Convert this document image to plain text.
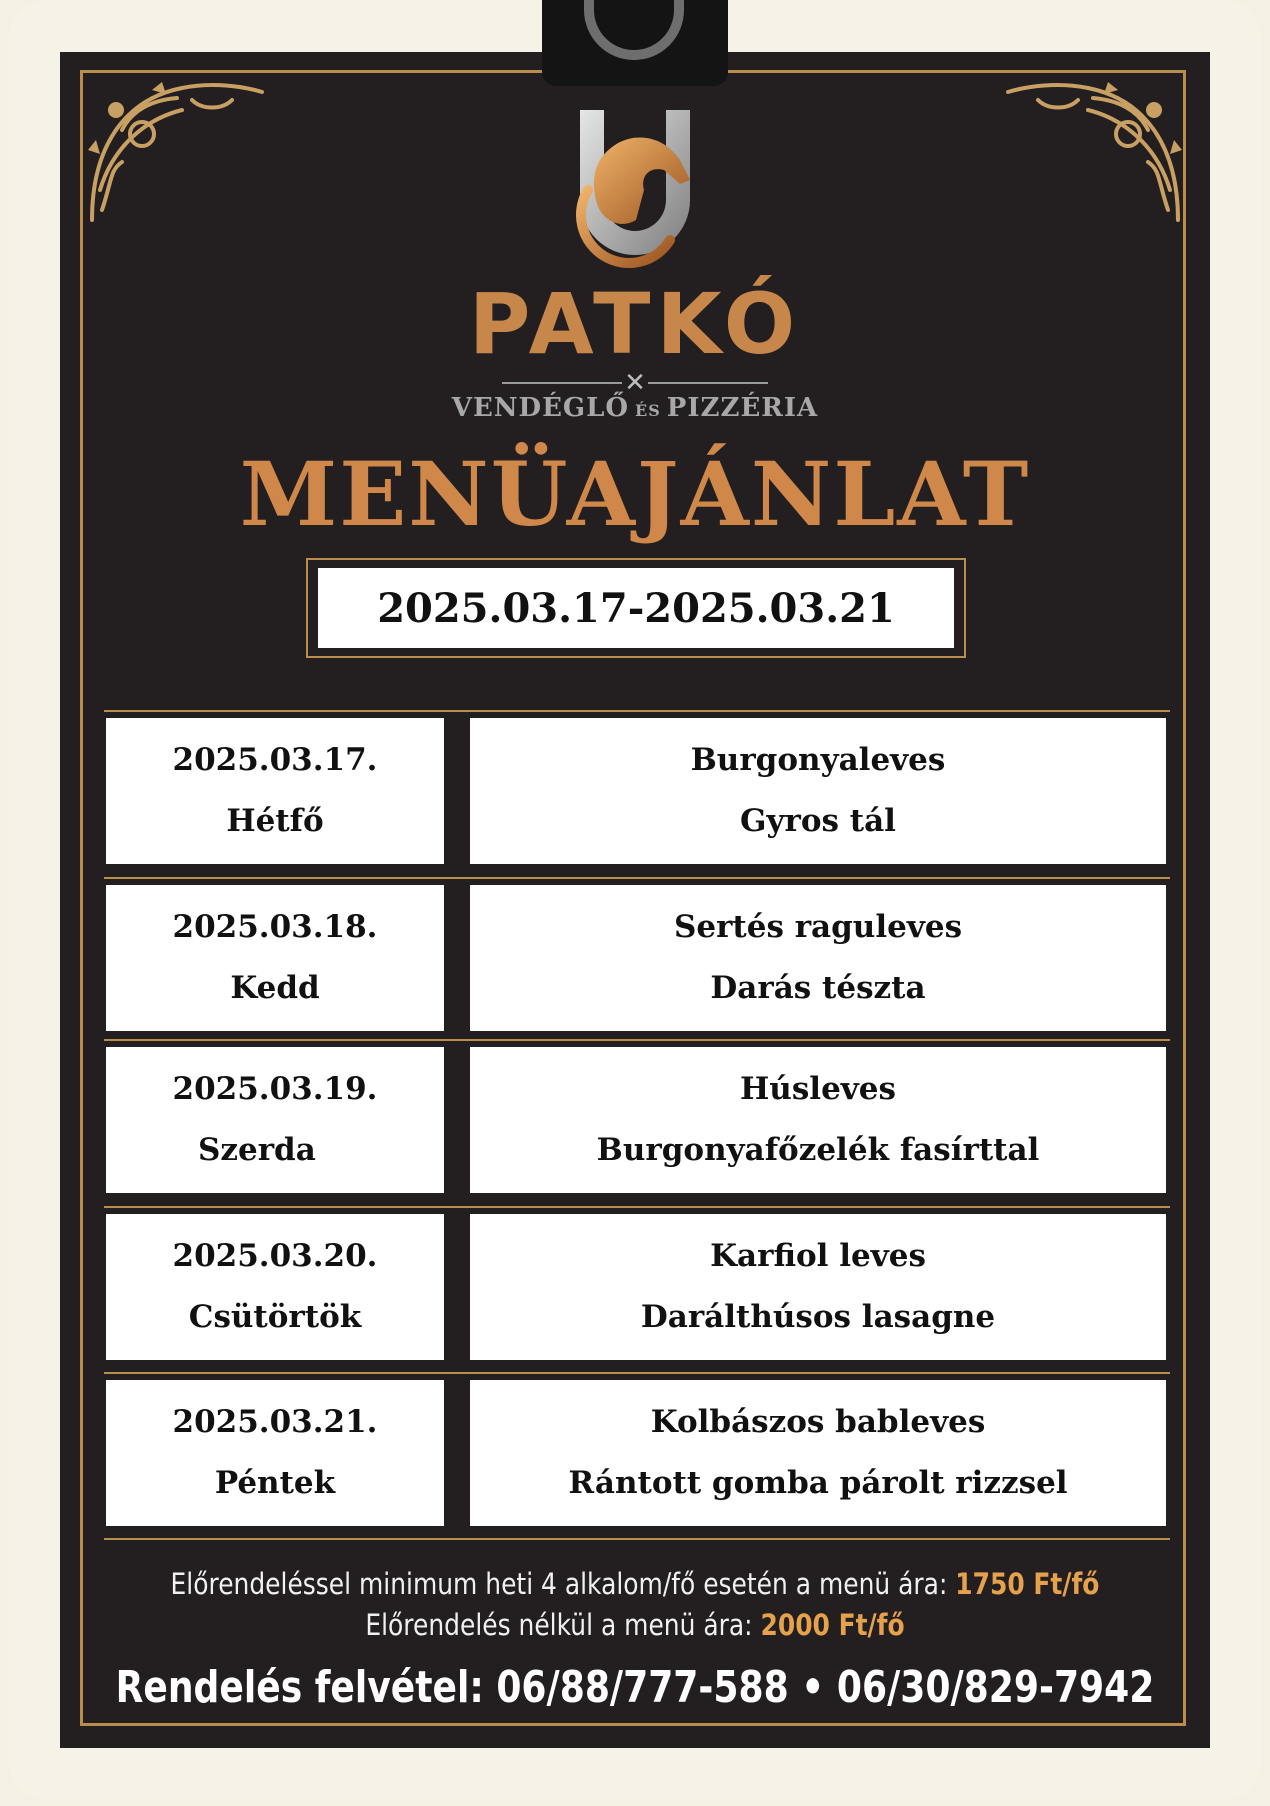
PATKÓ
✕
VENDÉGLŐ ÉS PIZZÉRIA
MENÜAJÁNLAT
2025.03.17-2025.03.21
2025.03.17.
Hétfő
Burgonyaleves
Gyros tál
2025.03.18.
Kedd
Sertés raguleves
Darás tészta
2025.03.19.
Szerda
Húsleves
Burgonyafőzelék fasírttal
2025.03.20.
Csütörtök
Karfiol leves
Darálthúsos lasagne
2025.03.21.
Péntek
Kolbászos bableves
Rántott gomba párolt rizzsel
Előrendeléssel minimum heti 4 alkalom/fő esetén a menü ára: 1750 Ft/fő
Előrendelés nélkül a menü ára: 2000 Ft/fő
Rendelés felvétel: 06/88/777-588 • 06/30/829-7942
